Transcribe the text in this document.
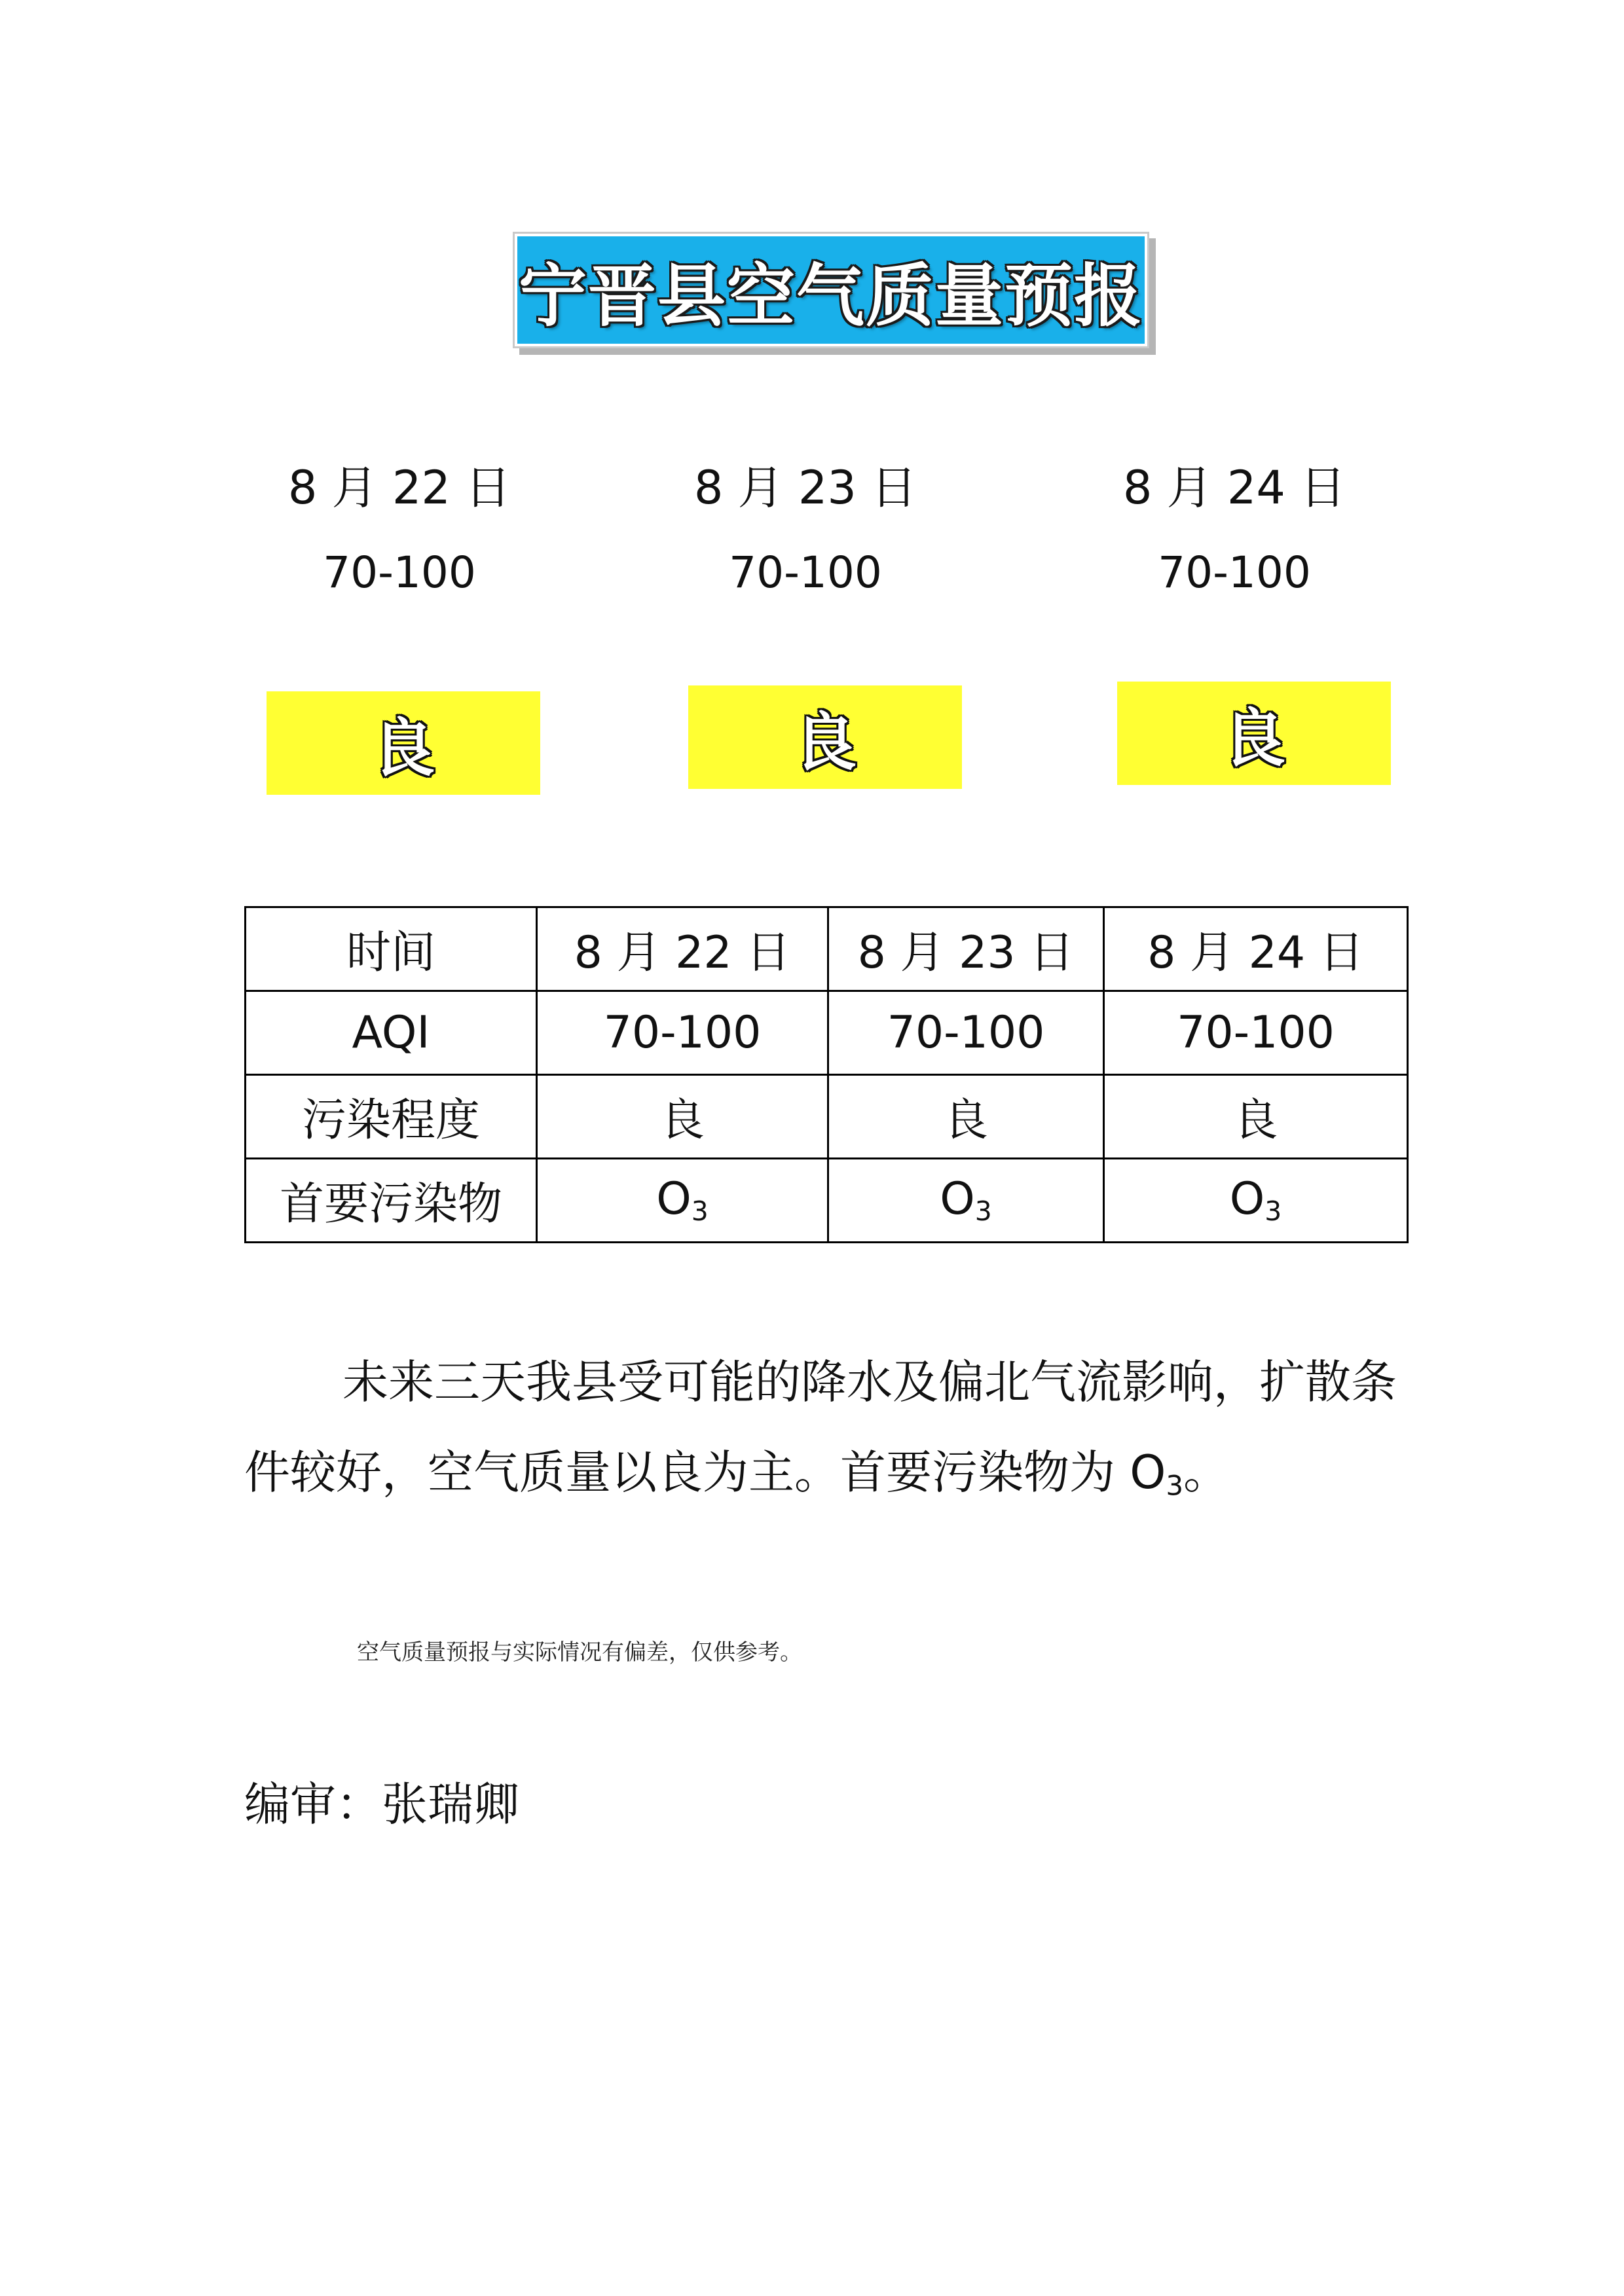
宁晋县空气质量预报
8 月 22 日
70-100
8 月 23 日
70-100
8 月 24 日
70-100
良	良	良
时间	8 月 22 日	8 月 23 日	8 月 24 日
AQI	70-100	70-100	70-100
污染程度	良	良	良
首要污染物	$O_3$	$O_3$	$O_3$
未来三天我县受可能的降水及偏北气流影响，扩散条件较好，空气质量以良为主。首要污染物为 $O_3$。
空气质量预报与实际情况有偏差，仅供参考。
编审：张瑞卿
